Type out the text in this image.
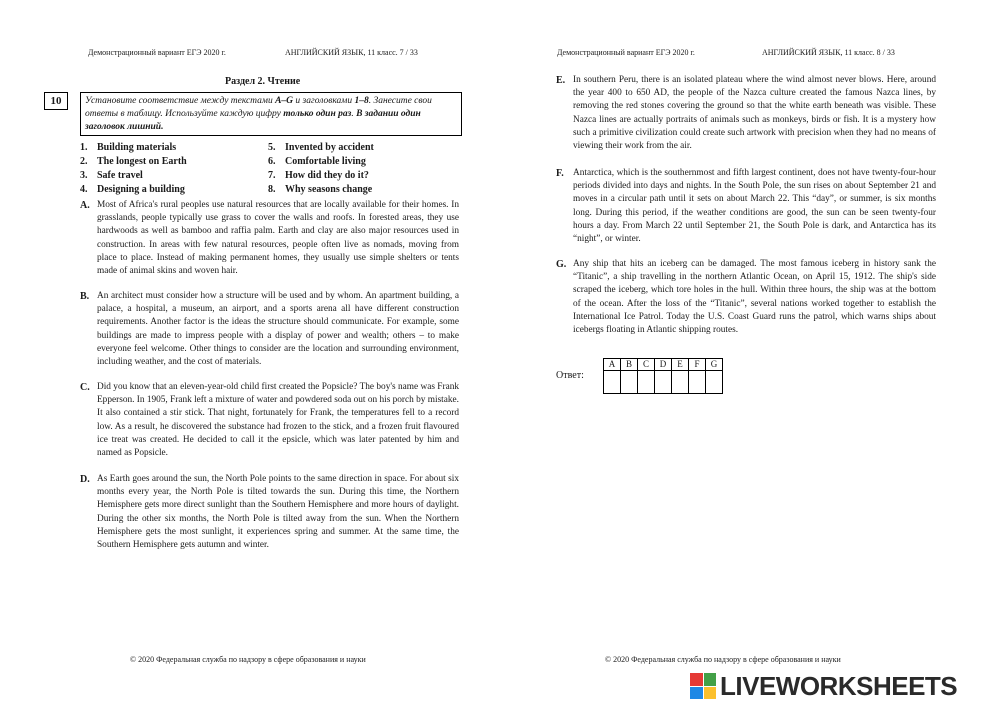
Демонстрационный вариант ЕГЭ 2020 г.	АНГЛИЙСКИЙ ЯЗЫК, 11 класс. 7 / 33
Раздел 2. Чтение
10	Установите соответствие между текстами A–G и заголовками 1–8. Занесите свои ответы в таблицу. Используйте каждую цифру только один раз. В задании один заголовок лишний.
1. Building materials
2. The longest on Earth
3. Safe travel
4. Designing a building
5. Invented by accident
6. Comfortable living
7. How did they do it?
8. Why seasons change
A. Most of Africa's rural peoples use natural resources that are locally available for their homes. In grasslands, people typically use grass to cover the walls and roofs. In forested areas, they use hardwoods as well as bamboo and raffia palm. Earth and clay are also major resources used in construction. In areas with few natural resources, people often live as nomads, moving from place to place. Instead of making permanent homes, they usually use simple shelters or tents made of animal skins and woven hair.
B. An architect must consider how a structure will be used and by whom. An apartment building, a palace, a hospital, a museum, an airport, and a sports arena all have different construction requirements. Another factor is the ideas the structure should communicate. For example, some buildings are made to impress people with a display of power and wealth; others – to make everyone feel welcome. Other things to consider are the location and surrounding environment, including weather, and the cost of materials.
C. Did you know that an eleven-year-old child first created the Popsicle? The boy's name was Frank Epperson. In 1905, Frank left a mixture of water and powdered soda out on his porch by mistake. It also contained a stir stick. That night, fortunately for Frank, the temperatures fell to a record low. As a result, he discovered the substance had frozen to the stick, and a frozen fruit flavoured ice treat was created. He decided to call it the epsicle, which was later patented by him and named as Popsicle.
D. As Earth goes around the sun, the North Pole points to the same direction in space. For about six months every year, the North Pole is tilted towards the sun. During this time, the Northern Hemisphere gets more direct sunlight than the Southern Hemisphere and more hours of daylight. During the other six months, the North Pole is tilted away from the sun. When the Northern Hemisphere gets the most sunlight, it experiences spring and summer. At the same time, the Southern Hemisphere gets autumn and winter.
© 2020 Федеральная служба по надзору в сфере образования и науки
Демонстрационный вариант ЕГЭ 2020 г.	АНГЛИЙСКИЙ ЯЗЫК, 11 класс. 8 / 33
E. In southern Peru, there is an isolated plateau where the wind almost never blows. Here, around the year 400 to 650 AD, the people of the Nazca culture created the famous Nazca lines, by removing the red stones covering the ground so that the white earth beneath was visible. These Nazca lines are actually portraits of animals such as monkeys, birds or fish. It is a mystery how such a primitive civilization could create such artwork with precision when they had no means of viewing their work from the air.
F. Antarctica, which is the southernmost and fifth largest continent, does not have twenty-four-hour periods divided into days and nights. In the South Pole, the sun rises on about September 21 and moves in a circular path until it sets on about March 22. This “day”, or summer, is six months long. During this period, if the weather conditions are good, the sun can be seen twenty-four hours a day. From March 22 until September 21, the South Pole is dark, and Antarctica has its “night”, or winter.
G. Any ship that hits an iceberg can be damaged. The most famous iceberg in history sank the “Titanic”, a ship travelling in the northern Atlantic Ocean, on April 15, 1912. The ship's side scraped the iceberg, which tore holes in the hull. Within three hours, the ship was at the bottom of the ocean. After the loss of the “Titanic”, several nations worked together to establish the International Ice Patrol. Today the U.S. Coast Guard runs the patrol, which warns ships about icebergs floating in Atlantic shipping routes.
Ответ:
A	B	C	D	E	F	G

© 2020 Федеральная служба по надзору в сфере образования и науки
LIVEWORKSHEETS
